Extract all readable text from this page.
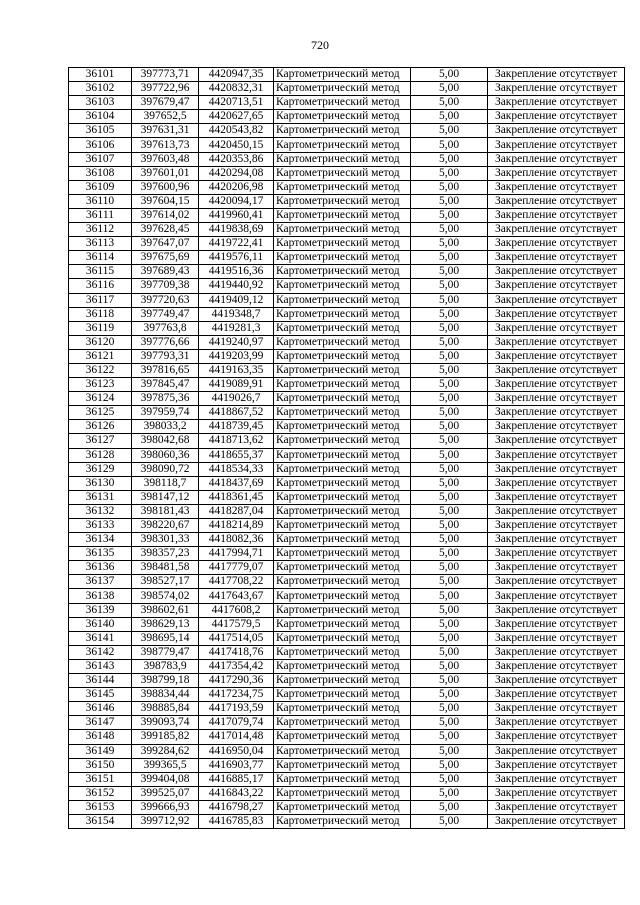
720
36101	397773,71	4420947,35	Картометрический метод	5,00	Закрепление отсутствует
36102	397722,96	4420832,31	Картометрический метод	5,00	Закрепление отсутствует
36103	397679,47	4420713,51	Картометрический метод	5,00	Закрепление отсутствует
36104	397652,5	4420627,65	Картометрический метод	5,00	Закрепление отсутствует
36105	397631,31	4420543,82	Картометрический метод	5,00	Закрепление отсутствует
36106	397613,73	4420450,15	Картометрический метод	5,00	Закрепление отсутствует
36107	397603,48	4420353,86	Картометрический метод	5,00	Закрепление отсутствует
36108	397601,01	4420294,08	Картометрический метод	5,00	Закрепление отсутствует
36109	397600,96	4420206,98	Картометрический метод	5,00	Закрепление отсутствует
36110	397604,15	4420094,17	Картометрический метод	5,00	Закрепление отсутствует
36111	397614,02	4419960,41	Картометрический метод	5,00	Закрепление отсутствует
36112	397628,45	4419838,69	Картометрический метод	5,00	Закрепление отсутствует
36113	397647,07	4419722,41	Картометрический метод	5,00	Закрепление отсутствует
36114	397675,69	4419576,11	Картометрический метод	5,00	Закрепление отсутствует
36115	397689,43	4419516,36	Картометрический метод	5,00	Закрепление отсутствует
36116	397709,38	4419440,92	Картометрический метод	5,00	Закрепление отсутствует
36117	397720,63	4419409,12	Картометрический метод	5,00	Закрепление отсутствует
36118	397749,47	4419348,7	Картометрический метод	5,00	Закрепление отсутствует
36119	397763,8	4419281,3	Картометрический метод	5,00	Закрепление отсутствует
36120	397776,66	4419240,97	Картометрический метод	5,00	Закрепление отсутствует
36121	397793,31	4419203,99	Картометрический метод	5,00	Закрепление отсутствует
36122	397816,65	4419163,35	Картометрический метод	5,00	Закрепление отсутствует
36123	397845,47	4419089,91	Картометрический метод	5,00	Закрепление отсутствует
36124	397875,36	4419026,7	Картометрический метод	5,00	Закрепление отсутствует
36125	397959,74	4418867,52	Картометрический метод	5,00	Закрепление отсутствует
36126	398033,2	4418739,45	Картометрический метод	5,00	Закрепление отсутствует
36127	398042,68	4418713,62	Картометрический метод	5,00	Закрепление отсутствует
36128	398060,36	4418655,37	Картометрический метод	5,00	Закрепление отсутствует
36129	398090,72	4418534,33	Картометрический метод	5,00	Закрепление отсутствует
36130	398118,7	4418437,69	Картометрический метод	5,00	Закрепление отсутствует
36131	398147,12	4418361,45	Картометрический метод	5,00	Закрепление отсутствует
36132	398181,43	4418287,04	Картометрический метод	5,00	Закрепление отсутствует
36133	398220,67	4418214,89	Картометрический метод	5,00	Закрепление отсутствует
36134	398301,33	4418082,36	Картометрический метод	5,00	Закрепление отсутствует
36135	398357,23	4417994,71	Картометрический метод	5,00	Закрепление отсутствует
36136	398481,58	4417779,07	Картометрический метод	5,00	Закрепление отсутствует
36137	398527,17	4417708,22	Картометрический метод	5,00	Закрепление отсутствует
36138	398574,02	4417643,67	Картометрический метод	5,00	Закрепление отсутствует
36139	398602,61	4417608,2	Картометрический метод	5,00	Закрепление отсутствует
36140	398629,13	4417579,5	Картометрический метод	5,00	Закрепление отсутствует
36141	398695,14	4417514,05	Картометрический метод	5,00	Закрепление отсутствует
36142	398779,47	4417418,76	Картометрический метод	5,00	Закрепление отсутствует
36143	398783,9	4417354,42	Картометрический метод	5,00	Закрепление отсутствует
36144	398799,18	4417290,36	Картометрический метод	5,00	Закрепление отсутствует
36145	398834,44	4417234,75	Картометрический метод	5,00	Закрепление отсутствует
36146	398885,84	4417193,59	Картометрический метод	5,00	Закрепление отсутствует
36147	399093,74	4417079,74	Картометрический метод	5,00	Закрепление отсутствует
36148	399185,82	4417014,48	Картометрический метод	5,00	Закрепление отсутствует
36149	399284,62	4416950,04	Картометрический метод	5,00	Закрепление отсутствует
36150	399365,5	4416903,77	Картометрический метод	5,00	Закрепление отсутствует
36151	399404,08	4416885,17	Картометрический метод	5,00	Закрепление отсутствует
36152	399525,07	4416843,22	Картометрический метод	5,00	Закрепление отсутствует
36153	399666,93	4416798,27	Картометрический метод	5,00	Закрепление отсутствует
36154	399712,92	4416785,83	Картометрический метод	5,00	Закрепление отсутствует
